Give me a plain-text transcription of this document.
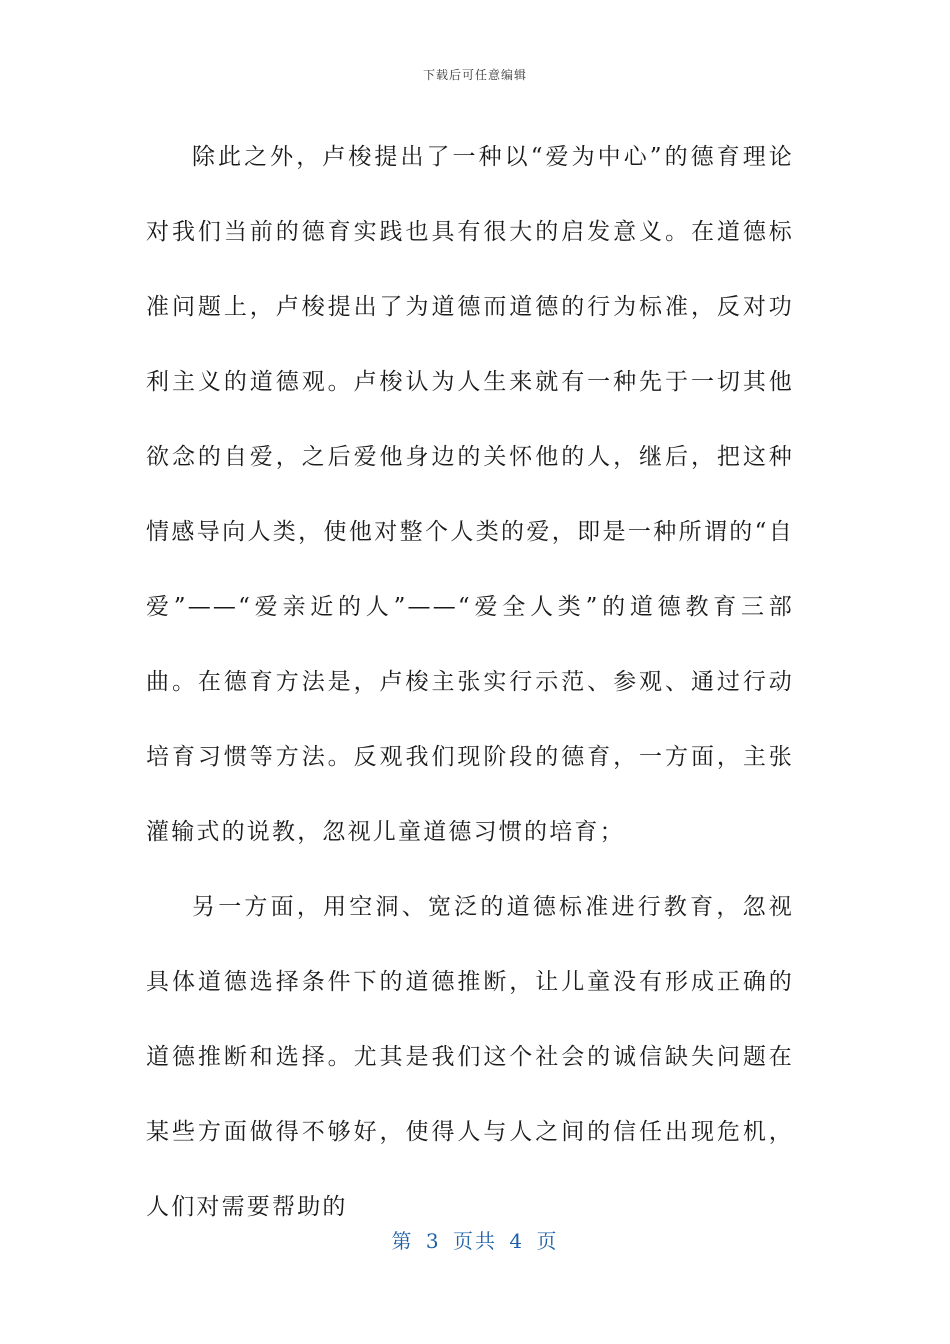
下载后可任意编辑

除此之外，卢梭提出了一种以“爱为中心”的德育理论对我们当前的德育实践也具有很大的启发意义。在道德标准问题上，卢梭提出了为道德而道德的行为标准，反对功利主义的道德观。卢梭认为人生来就有一种先于一切其他欲念的自爱，之后爱他身边的关怀他的人，继后，把这种情感导向人类，使他对整个人类的爱，即是一种所谓的“自爱”——“爱亲近的人”——“爱全人类”的道德教育三部曲。在德育方法是，卢梭主张实行示范、参观、通过行动培育习惯等方法。反观我们现阶段的德育，一方面，主张灌输式的说教，忽视儿童道德习惯的培育；

另一方面，用空洞、宽泛的道德标准进行教育，忽视具体道德选择条件下的道德推断，让儿童没有形成正确的道德推断和选择。尤其是我们这个社会的诚信缺失问题在某些方面做得不够好，使得人与人之间的信任出现危机，人们对需要帮助的

第 3 页共 4 页
